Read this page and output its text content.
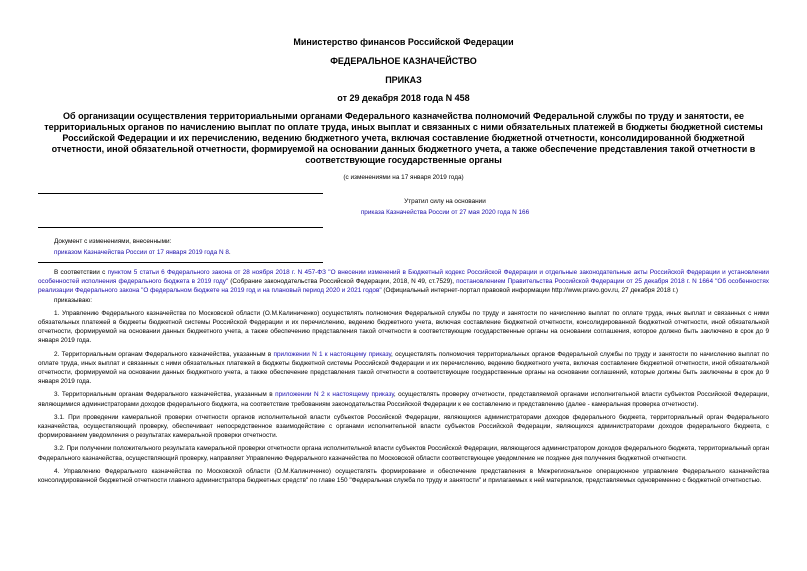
Министерство финансов Российской Федерации
ФЕДЕРАЛЬНОЕ КАЗНАЧЕЙСТВО
ПРИКАЗ
от 29 декабря 2018 года N 458
Об организации осуществления территориальными органами Федерального казначейства полномочий Федеральной службы по труду и занятости, ее территориальных органов по начислению выплат по оплате труда, иных выплат и связанных с ними обязательных платежей в бюджеты бюджетной системы Российской Федерации и их перечислению, ведению бюджетного учета, включая составление бюджетной отчетности, консолидированной бюджетной отчетности, иной обязательной отчетности, формируемой на основании данных бюджетного учета, а также обеспечение представления такой отчетности в соответствующие государственные органы
(с изменениями на 17 января 2019 года)
Утратил силу на основании
приказа Казначейства России от 27 мая 2020 года N 166
Документ с изменениями, внесенными:
приказом Казначейства России от 17 января 2019 года N 8.

В соответствии с пунктом 5 статьи 6 Федерального закона от 28 ноября 2018 г. N 457-ФЗ "О внесении изменений в Бюджетный кодекс Российской Федерации и отдельные законодательные акты Российской Федерации и установлении особенностей исполнения федерального бюджета в 2019 году" (Собрание законодательства Российской Федерации, 2018, N 49, ст.7529), постановлением Правительства Российской Федерации от 25 декабря 2018 г. N 1664 "Об особенностях реализации Федерального закона "О федеральном бюджете на 2019 год и на плановый период 2020 и 2021 годов" (Официальный интернет-портал правовой информации http://www.pravo.gov.ru, 27 декабря 2018 г.)

приказываю:

1. Управлению Федерального казначейства по Московской области (О.М.Калиниченко) осуществлять полномочия Федеральной службы по труду и занятости по начислению выплат по оплате труда, иных выплат и связанных с ними обязательных платежей в бюджеты бюджетной системы Российской Федерации и их перечислению, ведению бюджетного учета, включая составление бюджетной отчетности, консолидированной бюджетной отчетности, иной обязательной отчетности, формируемой на основании данных бюджетного учета, а также обеспечению представления такой отчетности в соответствующие государственные органы на основании соглашения, которое должно быть заключено в срок до 9 января 2019 года.

2. Территориальным органам Федерального казначейства, указанным в приложении N 1 к настоящему приказу, осуществлять полномочия территориальных органов Федеральной службы по труду и занятости по начислению выплат по оплате труда, иных выплат и связанных с ними обязательных платежей в бюджеты бюджетной системы Российской Федерации и их перечислению, ведению бюджетного учета, включая составление бюджетной отчетности, иной обязательной отчетности, формируемой на основании данных бюджетного учета, а также обеспечение представления такой отчетности в соответствующие государственные органы на основании соглашений, которые должны быть заключены в срок до 9 января 2019 года.

3. Территориальным органам Федерального казначейства, указанным в приложении N 2 к настоящему приказу, осуществлять проверку отчетности, представляемой органами исполнительной власти субъектов Российской Федерации, являющимися администраторами доходов федерального бюджета, на соответствие требованиям законодательства Российской Федерации к ее составлению и представлению (далее - камеральная проверка отчетности).

3.1. При проведении камеральной проверки отчетности органов исполнительной власти субъектов Российской Федерации, являющихся администраторами доходов федерального бюджета, территориальный орган Федерального казначейства, осуществляющий проверку, обеспечивает непосредственное взаимодействие с органами исполнительной власти субъектов Российской Федерации, являющихся администраторами доходов федерального бюджета, с формированием уведомления о результатах камеральной проверки отчетности.

3.2. При получении положительного результата камеральной проверки отчетности органа исполнительной власти субъектов Российской Федерации, являющегося администратором доходов федерального бюджета, территориальный орган Федерального казначейства, осуществляющий проверку, направляет Управлению Федерального казначейства по Московской области соответствующее уведомление не позднее дня получения бюджетной отчетности.

4. Управлению Федерального казначейства по Московской области (О.М.Калиниченко) осуществлять формирование и обеспечение представления в Межрегиональное операционное управление Федерального казначейства консолидированной бюджетной отчетности главного администратора бюджетных средств" по главе 150 "Федеральная служба по труду и занятости" и прилагаемых к ней материалов, представляемых одновременно с бюджетной отчетностью.
